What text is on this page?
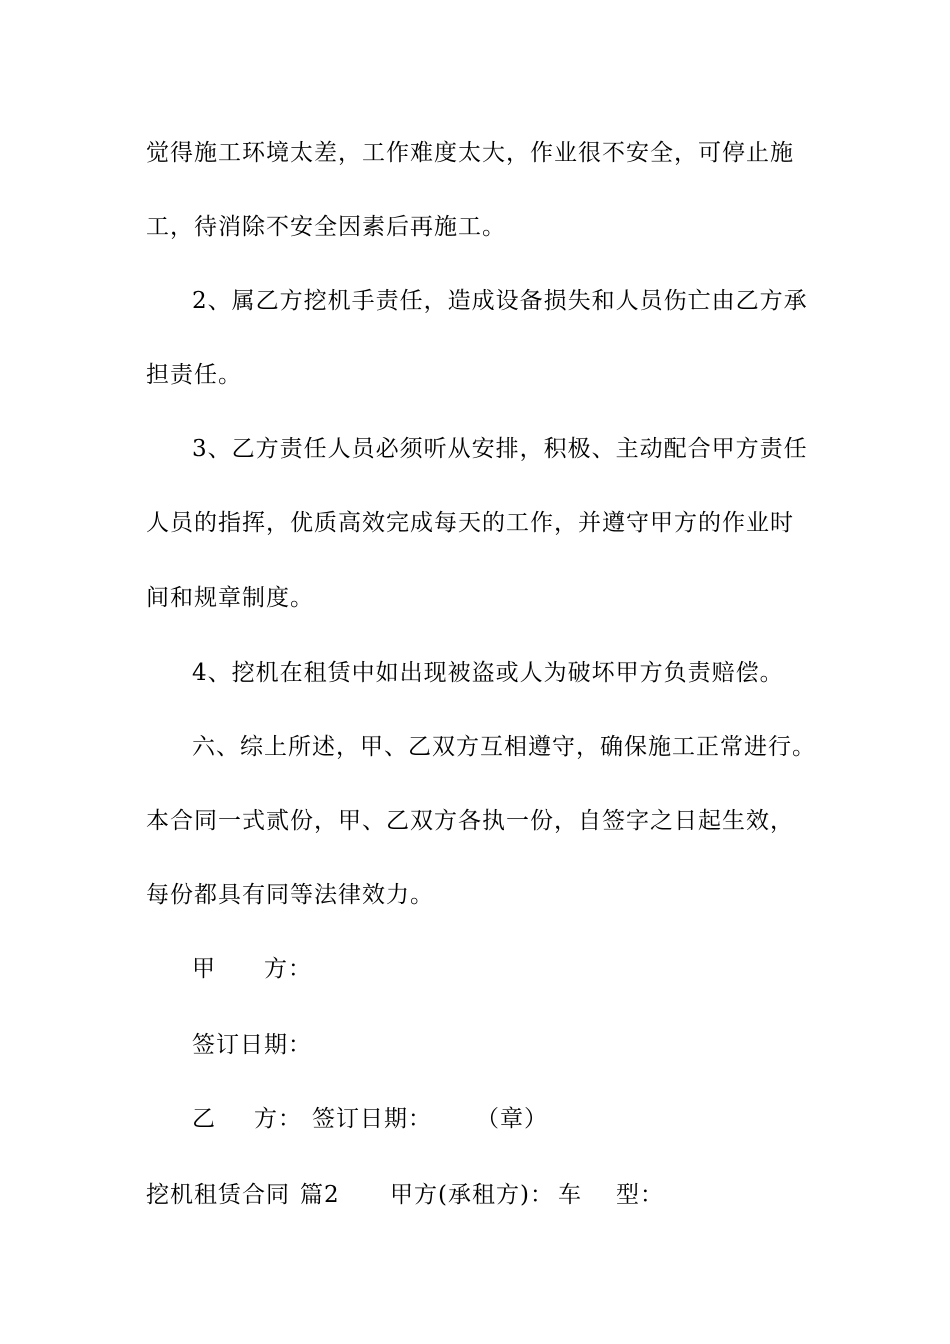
觉得施工环境太差，工作难度太大，作业很不安全，可停止施
工，待消除不安全因素后再施工。
2、属乙方挖机手责任，造成设备损失和人员伤亡由乙方承
担责任。
3、乙方责任人员必须听从安排，积极、主动配合甲方责任
人员的指挥，优质高效完成每天的工作，并遵守甲方的作业时
间和规章制度。
4、挖机在租赁中如出现被盗或人为破坏甲方负责赔偿。
六、综上所述，甲、乙双方互相遵守，确保施工正常进行。
本合同一式贰份，甲、乙双方各执一份，自签字之日起生效，
每份都具有同等法律效力。
甲 方：
签订日期：
乙 方： 签订日期： （章）
挖机租赁合同 篇2 甲方(承租方)： 车 型：
